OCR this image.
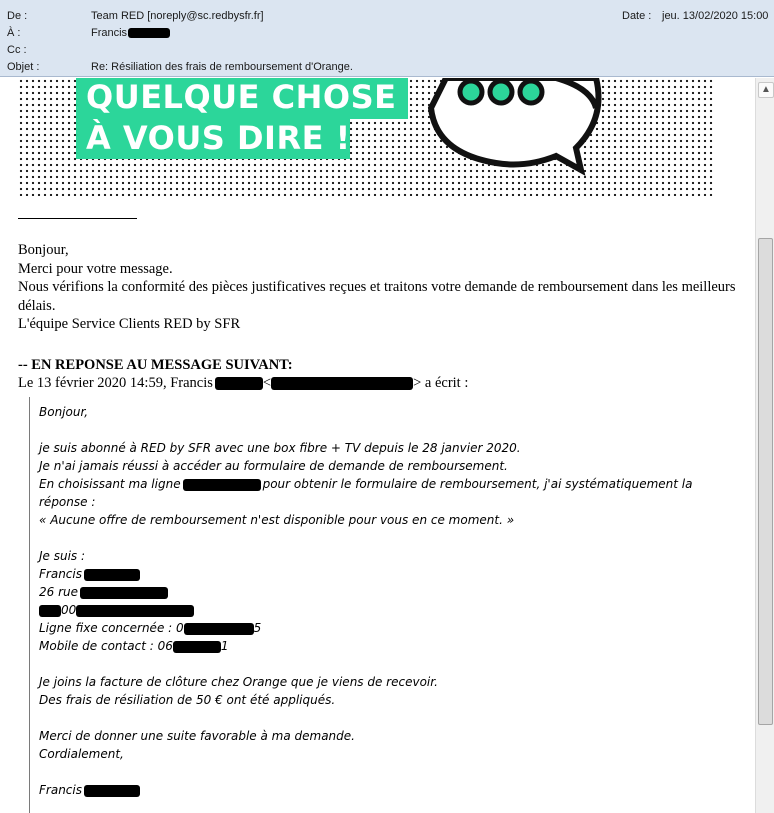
De :	Team RED [noreply@sc.redbysfr.fr]	Date : jeu. 13/02/2020 15:00
À :	Francis
Cc :
Objet :	Re: Résiliation des frais de remboursement d'Orange.
QUELQUE CHOSE
À VOUS DIRE !

Bonjour,

Merci pour votre message.

Nous vérifions la conformité des pièces justificatives reçues et traitons votre demande de remboursement dans les meilleurs délais.

L'équipe Service Clients RED by SFR

-- EN REPONSE AU MESSAGE SUIVANT:

Le 13 février 2020 14:59, Francis	<	> a écrit :

Bonjour,

je suis abonné à RED by SFR avec une box fibre + TV depuis le 28 janvier 2020.

Je n'ai jamais réussi à accéder au formulaire de demande de remboursement.

En choisissant ma ligne	pour obtenir le formulaire de remboursement, j'ai systématiquement la réponse :

« Aucune offre de remboursement n'est disponible pour vous en ce moment. »

Je suis :

Francis

26 rue

00

Ligne fixe concernée : 0	5

Mobile de contact : 06	1

Je joins la facture de clôture chez Orange que je viens de recevoir.

Des frais de résiliation de 50 € ont été appliqués.

Merci de donner une suite favorable à ma demande.

Cordialement,

Francis

▲
